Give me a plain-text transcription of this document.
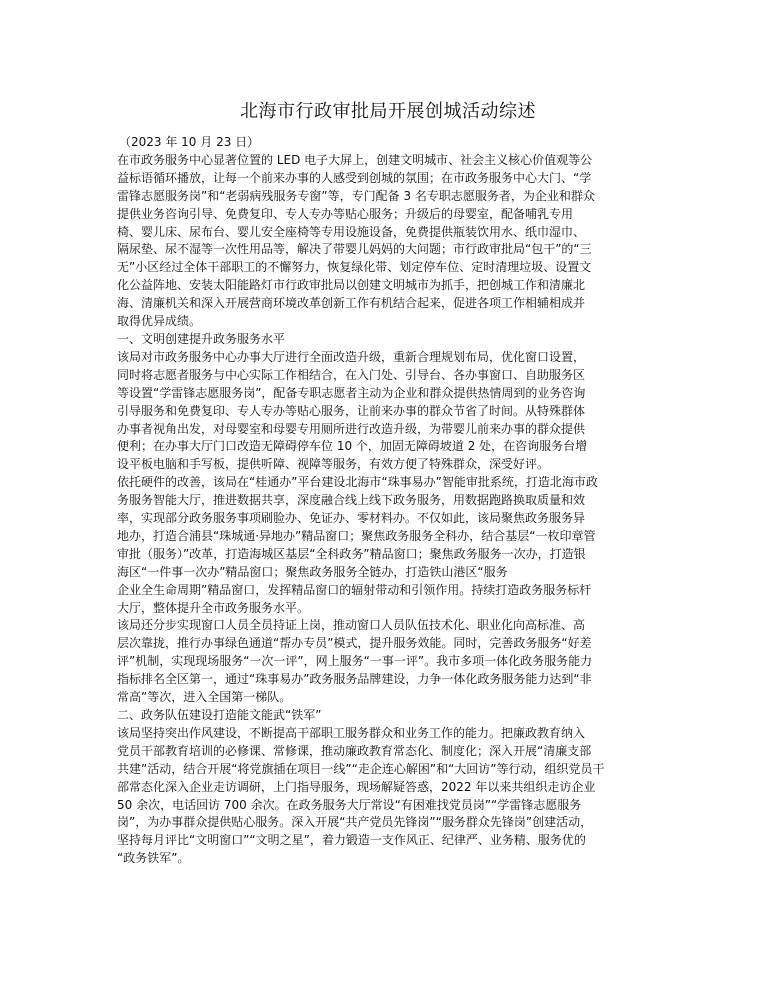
北海市行政审批局开展创城活动综述

（2023 年 10 月 23 日）

在市政务服务中心显著位置的 LED 电子大屏上，创建文明城市、社会主义核心价值观等公

益标语循环播放，让每一个前来办事的人感受到创城的氛围；在市政务服务中心大门、“学

雷锋志愿服务岗”和“老弱病残服务专窗”等，专门配备 3 名专职志愿服务者，为企业和群众

提供业务咨询引导、免费复印、专人专办等贴心服务；升级后的母婴室，配备哺乳专用

椅、婴儿床、尿布台、婴儿安全座椅等专用设施设备，免费提供瓶装饮用水、纸巾湿巾、

隔尿垫、尿不湿等一次性用品等，解决了带婴儿妈妈的大问题；市行政审批局“包干”的“三

无”小区经过全体干部职工的不懈努力，恢复绿化带、划定停车位、定时清理垃圾、设置文

化公益阵地、安装太阳能路灯市行政审批局以创建文明城市为抓手，把创城工作和清廉北

海、清廉机关和深入开展营商环境改革创新工作有机结合起来，促进各项工作相辅相成并

取得优异成绩。

一、文明创建提升政务服务水平

该局对市政务服务中心办事大厅进行全面改造升级，重新合理规划布局，优化窗口设置，

同时将志愿者服务与中心实际工作相结合，在入门处、引导台、各办事窗口、自助服务区

等设置“学雷锋志愿服务岗”，配备专职志愿者主动为企业和群众提供热情周到的业务咨询

引导服务和免费复印、专人专办等贴心服务，让前来办事的群众节省了时间。从特殊群体

办事者视角出发，对母婴室和母婴专用厕所进行改造升级，为带婴儿前来办事的群众提供

便利；在办事大厅门口改造无障碍停车位 10 个，加固无障碍坡道 2 处，在咨询服务台增

设平板电脑和手写板，提供听障、视障等服务，有效方便了特殊群众，深受好评。

依托硬件的改善，该局在“桂通办”平台建设北海市“珠事易办”智能审批系统，打造北海市政

务服务智能大厅，推进数据共享，深度融合线上线下政务服务，用数据跑路换取质量和效

率，实现部分政务服务事项刷脸办、免证办、零材料办。不仅如此，该局聚焦政务服务异

地办，打造合浦县“珠城通·异地办”精品窗口；聚焦政务服务全科办，结合基层“一枚印章管

审批（服务）”改革，打造海城区基层“全科政务”精品窗口；聚焦政务服务一次办，打造银

海区“一件事一次办”精品窗口；聚焦政务服务全链办，打造铁山港区“服务

企业全生命周期”精品窗口，发挥精品窗口的辐射带动和引领作用。持续打造政务服务标杆

大厅，整体提升全市政务服务水平。

该局还分步实现窗口人员全员持证上岗，推动窗口人员队伍技术化、职业化向高标准、高

层次靠拢，推行办事绿色通道“帮办专员”模式，提升服务效能。同时，完善政务服务“好差

评”机制，实现现场服务“一次一评”，网上服务“一事一评”。我市多项一体化政务服务能力

指标排名全区第一，通过“珠事易办”政务服务品牌建设，力争一体化政务服务能力达到“非

常高”等次，进入全国第一梯队。

二、政务队伍建设打造能文能武“铁军”

该局坚持突出作风建设，不断提高干部职工服务群众和业务工作的能力。把廉政教育纳入

党员干部教育培训的必修课、常修课，推动廉政教育常态化、制度化；深入开展“清廉支部

共建”活动，结合开展“将党旗插在项目一线”“走企连心解困”和“大回访”等行动，组织党员干

部常态化深入企业走访调研，上门指导服务，现场解疑答惑，2022 年以来共组织走访企业

50 余次，电话回访 700 余次。在政务服务大厅常设“有困难找党员岗”“学雷锋志愿服务

岗”，为办事群众提供贴心服务。深入开展“共产党员先锋岗”“服务群众先锋岗”创建活动，

坚持每月评比“文明窗口”“文明之星”，着力锻造一支作风正、纪律严、业务精、服务优的

“政务铁军”。
